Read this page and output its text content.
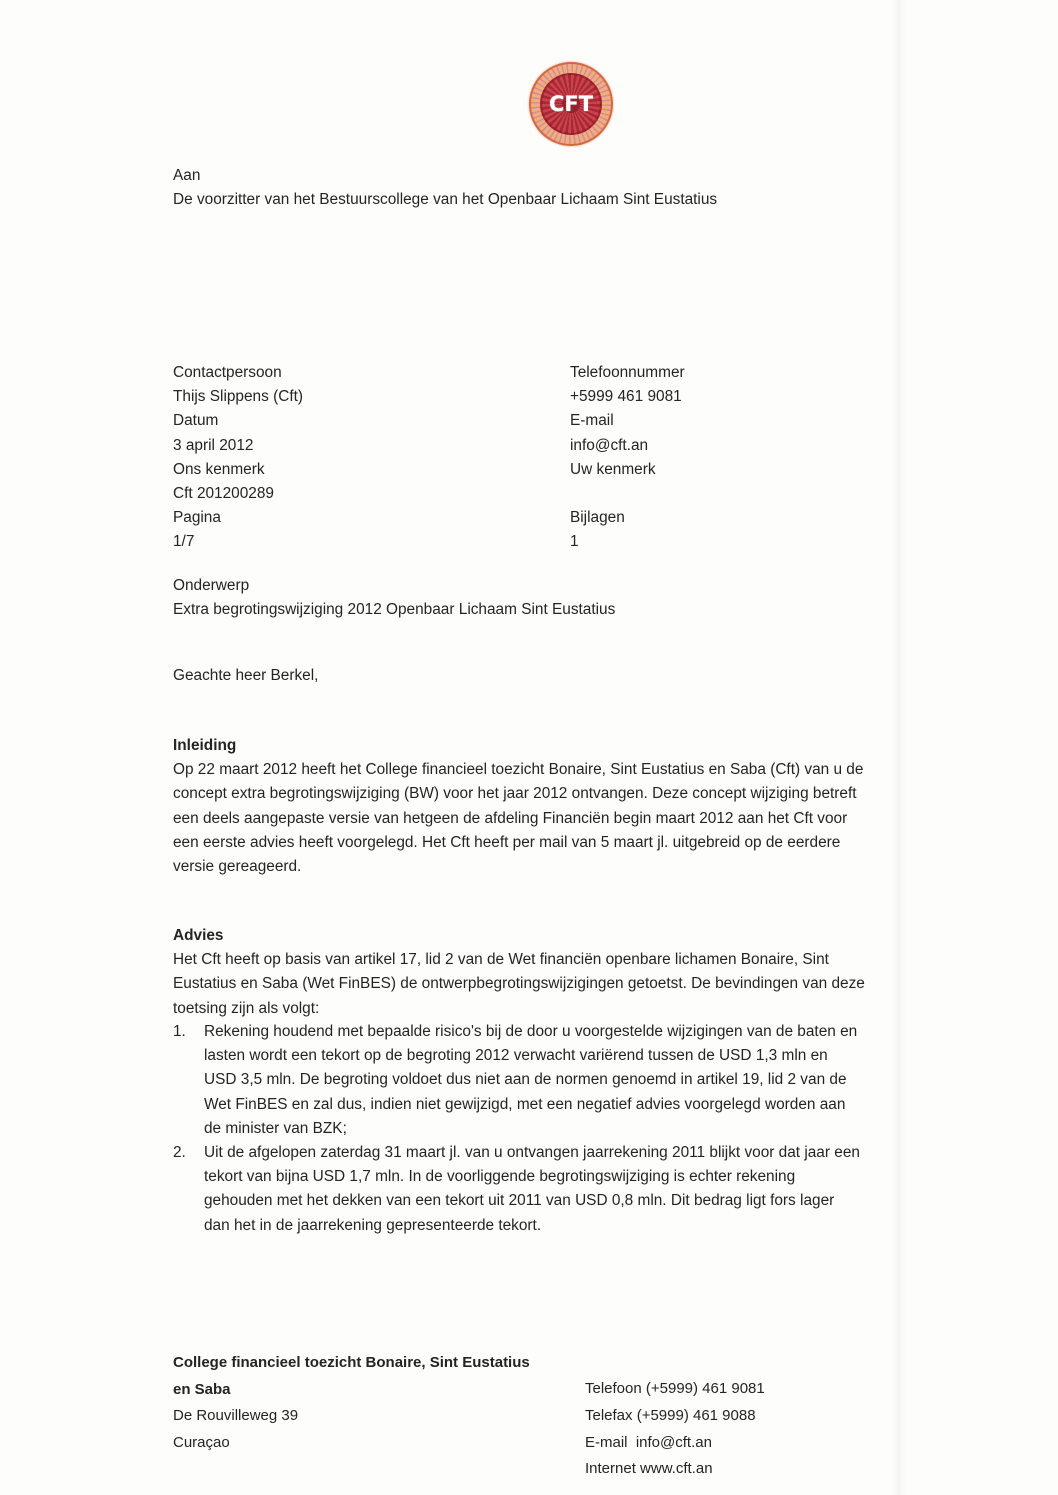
CFT
Aan
De voorzitter van het Bestuurscollege van het Openbaar Lichaam Sint Eustatius
Contactpersoon
Thijs Slippens (Cft)
Datum
3 april 2012
Ons kenmerk
Cft 201200289
Pagina
1/7
Telefoonnummer
+5999 461 9081
E-mail
info@cft.an
Uw kenmerk
Bijlagen
1
Onderwerp
Extra begrotingswijziging 2012 Openbaar Lichaam Sint Eustatius
Geachte heer Berkel,
Inleiding

Op 22 maart 2012 heeft het College financieel toezicht Bonaire, Sint Eustatius en Saba (Cft) van u de concept extra begrotingswijziging (BW) voor het jaar 2012 ontvangen. Deze concept wijziging betreft een deels aangepaste versie van hetgeen de afdeling Financiën begin maart 2012 aan het Cft voor een eerste advies heeft voorgelegd. Het Cft heeft per mail van 5 maart jl. uitgebreid op de eerdere versie gereageerd.

Advies

Het Cft heeft op basis van artikel 17, lid 2 van de Wet financiën openbare lichamen Bonaire, Sint Eustatius en Saba (Wet FinBES) de ontwerpbegrotingswijzigingen getoetst. De bevindingen van deze toetsing zijn als volgt:

1.	Rekening houdend met bepaalde risico's bij de door u voorgestelde wijzigingen van de baten en lasten wordt een tekort op de begroting 2012 verwacht variërend tussen de USD 1,3 mln en USD 3,5 mln. De begroting voldoet dus niet aan de normen genoemd in artikel 19, lid 2 van de Wet FinBES en zal dus, indien niet gewijzigd, met een negatief advies voorgelegd worden aan de minister van BZK;
2.	Uit de afgelopen zaterdag 31 maart jl. van u ontvangen jaarrekening 2011 blijkt voor dat jaar een tekort van bijna USD 1,7 mln. In de voorliggende begrotingswijziging is echter rekening gehouden met het dekken van een tekort uit 2011 van USD 0,8 mln. Dit bedrag ligt fors lager dan het in de jaarrekening gepresenteerde tekort.
College financieel toezicht Bonaire, Sint Eustatius
en Saba
De Rouvilleweg 39
Curaçao
Telefoon (+5999) 461 9081
Telefax (+5999) 461 9088
E-mail  info@cft.an
Internet www.cft.an
